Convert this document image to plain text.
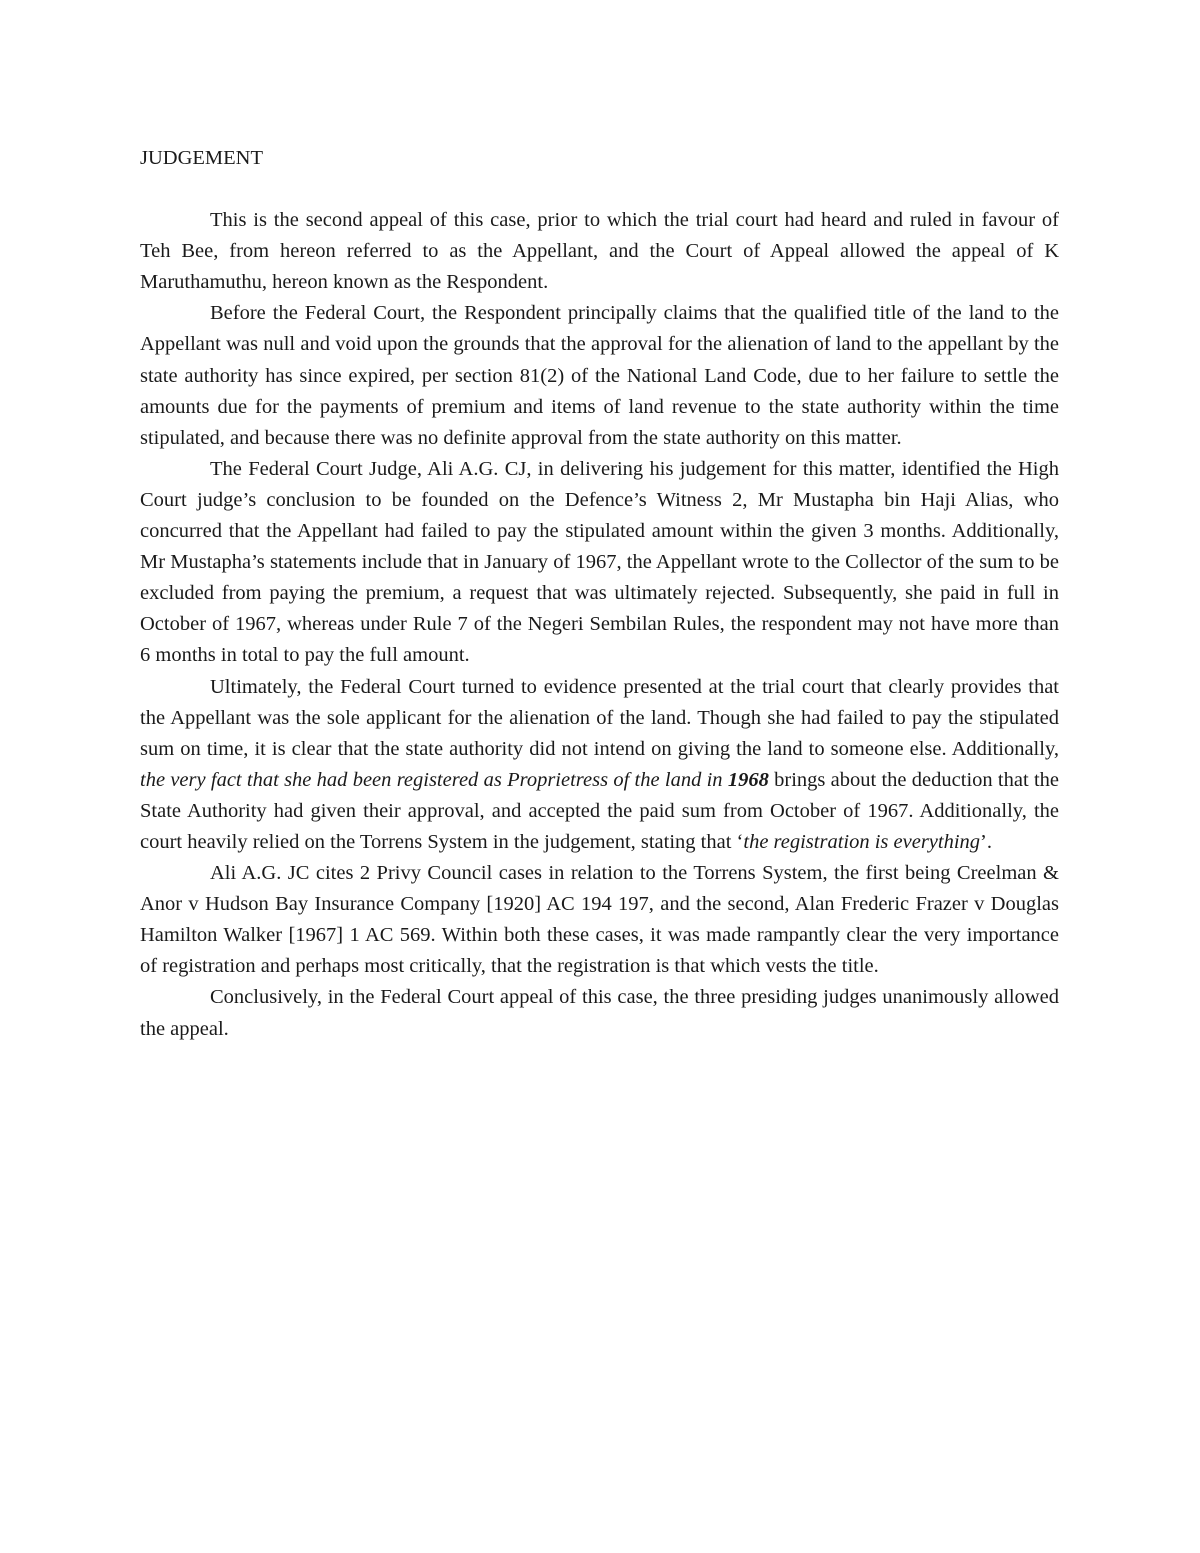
JUDGEMENT

This is the second appeal of this case, prior to which the trial court had heard and ruled in favour of Teh Bee, from hereon referred to as the Appellant, and the Court of Appeal allowed the appeal of K Maruthamuthu, hereon known as the Respondent.

Before the Federal Court, the Respondent principally claims that the qualified title of the land to the Appellant was null and void upon the grounds that the approval for the alienation of land to the appellant by the state authority has since expired, per section 81(2) of the National Land Code, due to her failure to settle the amounts due for the payments of premium and items of land revenue to the state authority within the time stipulated, and because there was no definite approval from the state authority on this matter.

The Federal Court Judge, Ali A.G. CJ, in delivering his judgement for this matter, identified the High Court judge’s conclusion to be founded on the Defence’s Witness 2, Mr Mustapha bin Haji Alias, who concurred that the Appellant had failed to pay the stipulated amount within the given 3 months. Additionally, Mr Mustapha’s statements include that in January of 1967, the Appellant wrote to the Collector of the sum to be excluded from paying the premium, a request that was ultimately rejected. Subsequently, she paid in full in October of 1967, whereas under Rule 7 of the Negeri Sembilan Rules, the respondent may not have more than 6 months in total to pay the full amount.

Ultimately, the Federal Court turned to evidence presented at the trial court that clearly provides that the Appellant was the sole applicant for the alienation of the land. Though she had failed to pay the stipulated sum on time, it is clear that the state authority did not intend on giving the land to someone else. Additionally, the very fact that she had been registered as Proprietress of the land in 1968 brings about the deduction that the State Authority had given their approval, and accepted the paid sum from October of 1967. Additionally, the court heavily relied on the Torrens System in the judgement, stating that ‘the registration is everything’.

Ali A.G. JC cites 2 Privy Council cases in relation to the Torrens System, the first being Creelman & Anor v Hudson Bay Insurance Company [1920] AC 194 197, and the second, Alan Frederic Frazer v Douglas Hamilton Walker [1967] 1 AC 569. Within both these cases, it was made rampantly clear the very importance of registration and perhaps most critically, that the registration is that which vests the title.

Conclusively, in the Federal Court appeal of this case, the three presiding judges unanimously allowed the appeal.
